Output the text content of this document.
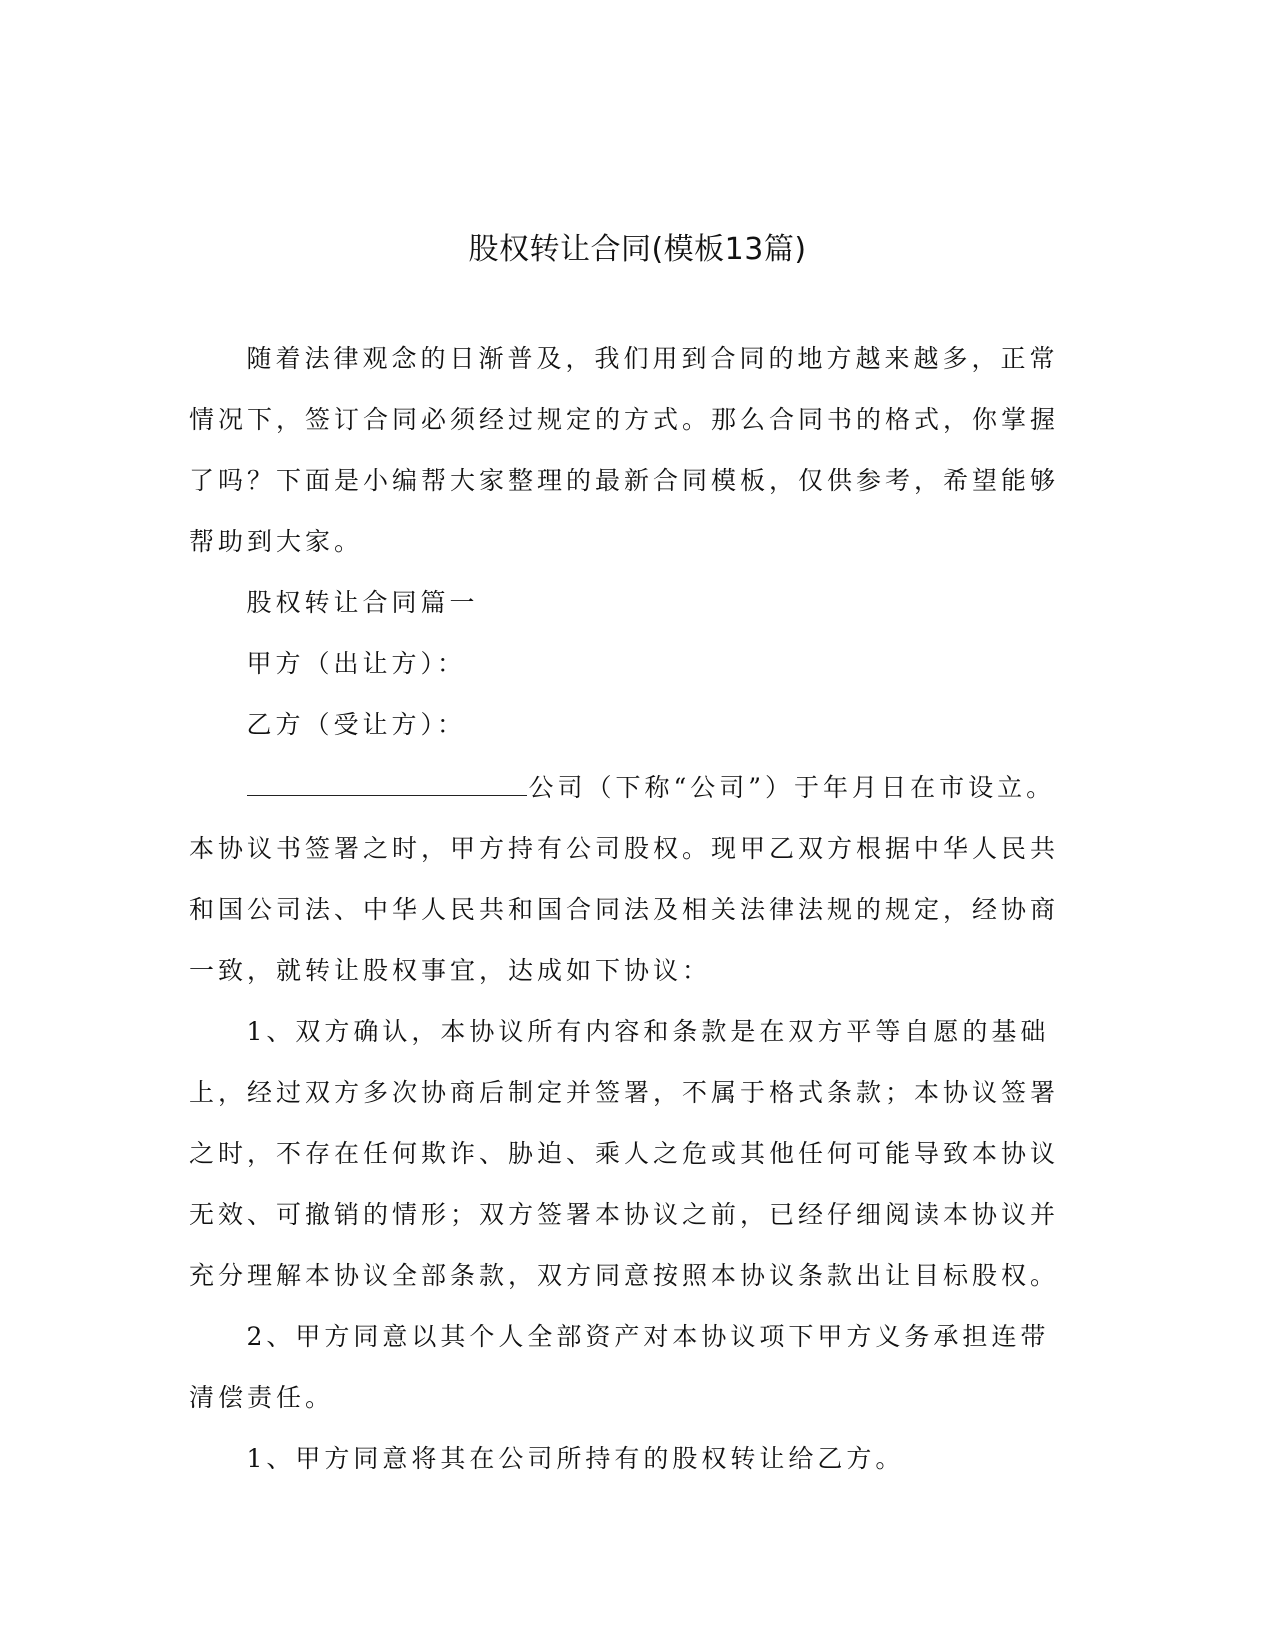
股权转让合同(模板13篇)

随着法律观念的日渐普及，我们用到合同的地方越来越多，正常情况下，签订合同必须经过规定的方式。那么合同书的格式，你掌握了吗？下面是小编帮大家整理的最新合同模板，仅供参考，希望能够帮助到大家。

股权转让合同篇一

甲方（出让方）：

乙方（受让方）：

公司（下称“公司”）于年月日在市设立。本协议书签署之时，甲方持有公司股权。现甲乙双方根据中华人民共和国公司法、中华人民共和国合同法及相关法律法规的规定，经协商一致，就转让股权事宜，达成如下协议：

1、双方确认，本协议所有内容和条款是在双方平等自愿的基础上，经过双方多次协商后制定并签署，不属于格式条款；本协议签署之时，不存在任何欺诈、胁迫、乘人之危或其他任何可能导致本协议无效、可撤销的情形；双方签署本协议之前，已经仔细阅读本协议并充分理解本协议全部条款，双方同意按照本协议条款出让目标股权。

2、甲方同意以其个人全部资产对本协议项下甲方义务承担连带清偿责任。

1、甲方同意将其在公司所持有的股权转让给乙方。
